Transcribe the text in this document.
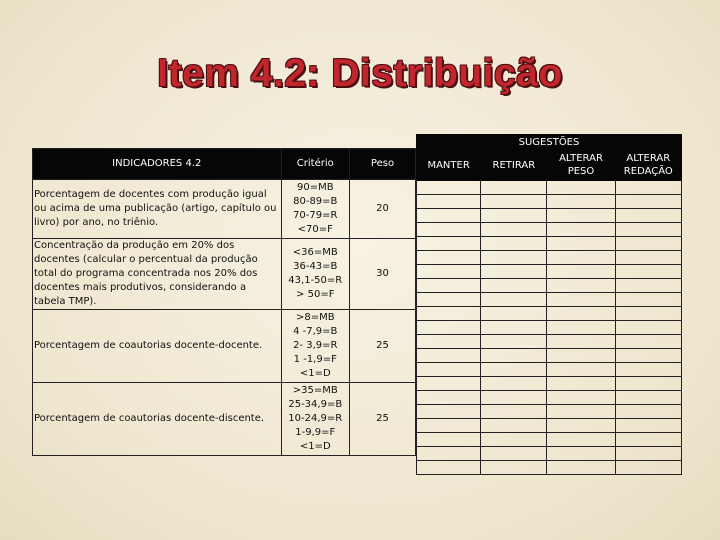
Item 4.2: Distribuição
INDICADORES 4.2	Critério	Peso
Porcentagem de docentes com produção igual ou acima de uma publicação (artigo, capítulo ou livro) por ano, no triênio.	90=MB
80-89=B
70-79=R
<70=F	20
Concentração da produção em 20% dos docentes (calcular o percentual da produção total do programa concentrada nos 20% dos docentes mais produtivos, considerando a tabela TMP).	<36=MB
36-43=B
43,1-50=R
> 50=F	30
Porcentagem de coautorias docente-docente.	>8=MB
4 -7,9=B
2- 3,9=R
1 -1,9=F
<1=D	25
Porcentagem de coautorias docente-discente.	>35=MB
25-34,9=B
10-24,9=R
1-9,9=F
<1=D	25
SUGESTÕES			
MANTER	RETIRAR	ALTERAR PESO	ALTERAR REDAÇÃO
